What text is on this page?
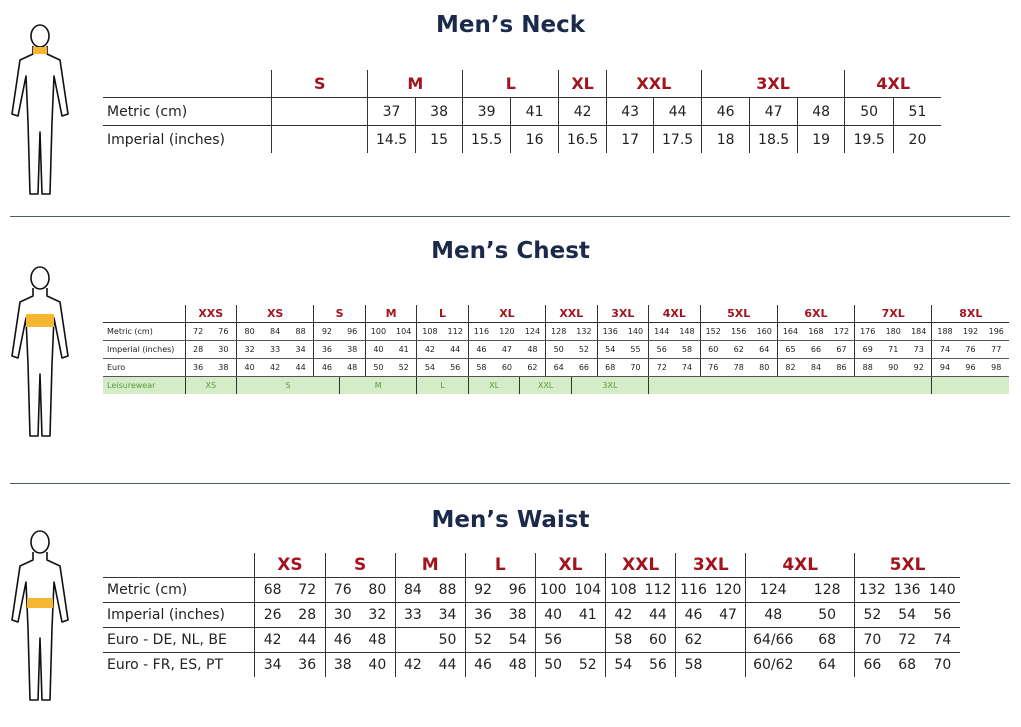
Men’s Neck
	S	M		L		XL	XXL		3XL			4XL	
Metric (cm)		37	38	39	41	42	43	44	46	47	48	50	51
Imperial (inches)		14.5	15	15.5	16	16.5	17	17.5	18	18.5	19	19.5	20
Men’s Chest
	XXS		XS			S		M		L		XL			XXL		3XL		4XL		5XL			6XL			7XL			8XL		
Metric (cm)	72	76	80	84	88	92	96	100	104	108	112	116	120	124	128	132	136	140	144	148	152	156	160	164	168	172	176	180	184	188	192	196
Imperial (inches)	28	30	32	33	34	36	38	40	41	42	44	46	47	48	50	52	54	55	56	58	60	62	64	65	66	67	69	71	73	74	76	77
Euro	36	38	40	42	44	46	48	50	52	54	56	58	60	62	64	66	68	70	72	74	76	78	80	82	84	86	88	90	92	94	96	98
Leisurewear	XS		S				M			L		XL		XXL		3XL																
Men’s Waist
	XS		S		M		L		XL		XXL		3XL		4XL		5XL		
Metric (cm)	68	72	76	80	84	88	92	96	100	104	108	112	116	120	124	128	132	136	140
Imperial (inches)	26	28	30	32	33	34	36	38	40	41	42	44	46	47	48	50	52	54	56
Euro - DE, NL, BE	42	44	46	48		50	52	54	56		58	60	62		64/66	68	70	72	74
Euro - FR, ES, PT	34	36	38	40	42	44	46	48	50	52	54	56	58		60/62	64	66	68	70
